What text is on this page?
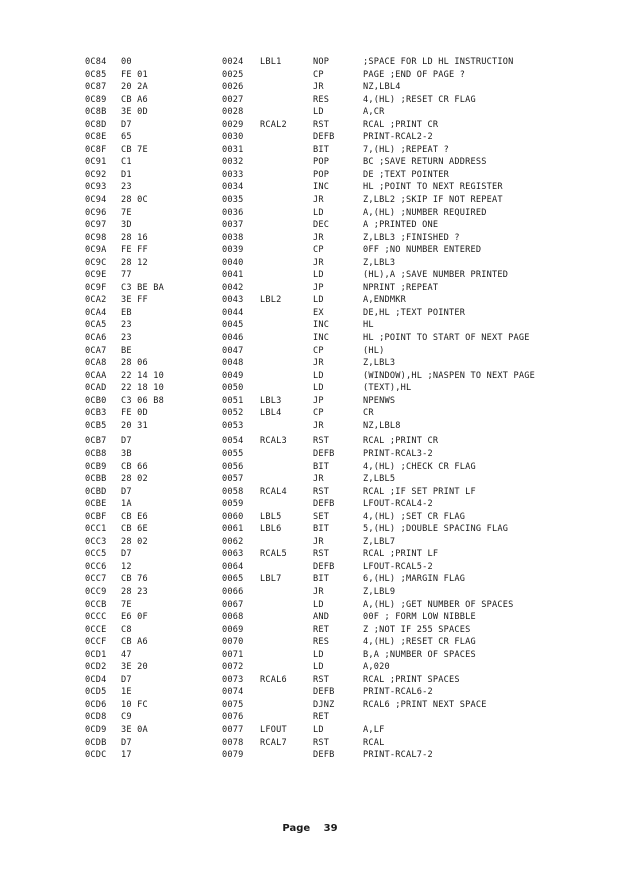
0C84 00	0024 LBL1	NOP	;SPACE FOR LD HL INSTRUCTION
0C85 FE 01	0025	CP	PAGE ;END OF PAGE ?
0C87 20 2A	0026	JR	NZ,LBL4
0C89 CB A6	0027	RES	4,(HL) ;RESET CR FLAG
0C8B 3E 0D	0028	LD	A,CR
0C8D D7	0029 RCAL2	RST	RCAL ;PRINT CR
0C8E 65	0030	DEFB	PRINT-RCAL2-2
0C8F CB 7E	0031	BIT	7,(HL) ;REPEAT ?
0C91 C1	0032	POP	BC ;SAVE RETURN ADDRESS
0C92 D1	0033	POP	DE ;TEXT POINTER
0C93 23	0034	INC	HL ;POINT TO NEXT REGISTER
0C94 28 0C	0035	JR	Z,LBL2 ;SKIP IF NOT REPEAT
0C96 7E	0036	LD	A,(HL) ;NUMBER REQUIRED
0C97 3D	0037	DEC	A ;PRINTED ONE
0C98 28 16	0038	JR	Z,LBL3 ;FINISHED ?
0C9A FE FF	0039	CP	0FF ;NO NUMBER ENTERED
0C9C 28 12	0040	JR	Z,LBL3
0C9E 77	0041	LD	(HL),A ;SAVE NUMBER PRINTED
0C9F C3 BE BA	0042	JP	NPRINT ;REPEAT
0CA2 3E FF	0043 LBL2	LD	A,ENDMKR
0CA4 EB	0044	EX	DE,HL ;TEXT POINTER
0CA5 23	0045	INC	HL
0CA6 23	0046	INC	HL ;POINT TO START OF NEXT PAGE
0CA7 BE	0047	CP	(HL)
0CA8 28 06	0048	JR	Z,LBL3
0CAA 22 14 10	0049	LD	(WINDOW),HL ;NASPEN TO NEXT PAGE
0CAD 22 18 10	0050	LD	(TEXT),HL
0CB0 C3 06 B8	0051 LBL3	JP	NPENWS
0CB3 FE 0D	0052 LBL4	CP	CR
0CB5 20 31	0053	JR	NZ,LBL8
0CB7 D7	0054 RCAL3	RST	RCAL ;PRINT CR
0CB8 3B	0055	DEFB	PRINT-RCAL3-2
0CB9 CB 66	0056	BIT	4,(HL) ;CHECK CR FLAG
0CBB 28 02	0057	JR	Z,LBL5
0CBD D7	0058 RCAL4	RST	RCAL ;IF SET PRINT LF
0CBE 1A	0059	DEFB	LFOUT-RCAL4-2
0CBF CB E6	0060 LBL5	SET	4,(HL) ;SET CR FLAG
0CC1 CB 6E	0061 LBL6	BIT	5,(HL) ;DOUBLE SPACING FLAG
0CC3 28 02	0062	JR	Z,LBL7
0CC5 D7	0063 RCAL5	RST	RCAL ;PRINT LF
0CC6 12	0064	DEFB	LFOUT-RCAL5-2
0CC7 CB 76	0065 LBL7	BIT	6,(HL) ;MARGIN FLAG
0CC9 28 23	0066	JR	Z,LBL9
0CCB 7E	0067	LD	A,(HL) ;GET NUMBER OF SPACES
0CCC E6 0F	0068	AND	00F ; FORM LOW NIBBLE
0CCE C8	0069	RET	Z ;NOT IF 255 SPACES
0CCF CB A6	0070	RES	4,(HL) ;RESET CR FLAG
0CD1 47	0071	LD	B,A ;NUMBER OF SPACES
0CD2 3E 20	0072	LD	A,020
0CD4 D7	0073 RCAL6	RST	RCAL ;PRINT SPACES
0CD5 1E	0074	DEFB	PRINT-RCAL6-2
0CD6 10 FC	0075	DJNZ	RCAL6 ;PRINT NEXT SPACE
0CD8 C9	0076	RET
0CD9 3E 0A	0077 LFOUT	LD	A,LF
0CDB D7	0078 RCAL7	RST	RCAL
0CDC 17	0079	DEFB	PRINT-RCAL7-2
Page 39
